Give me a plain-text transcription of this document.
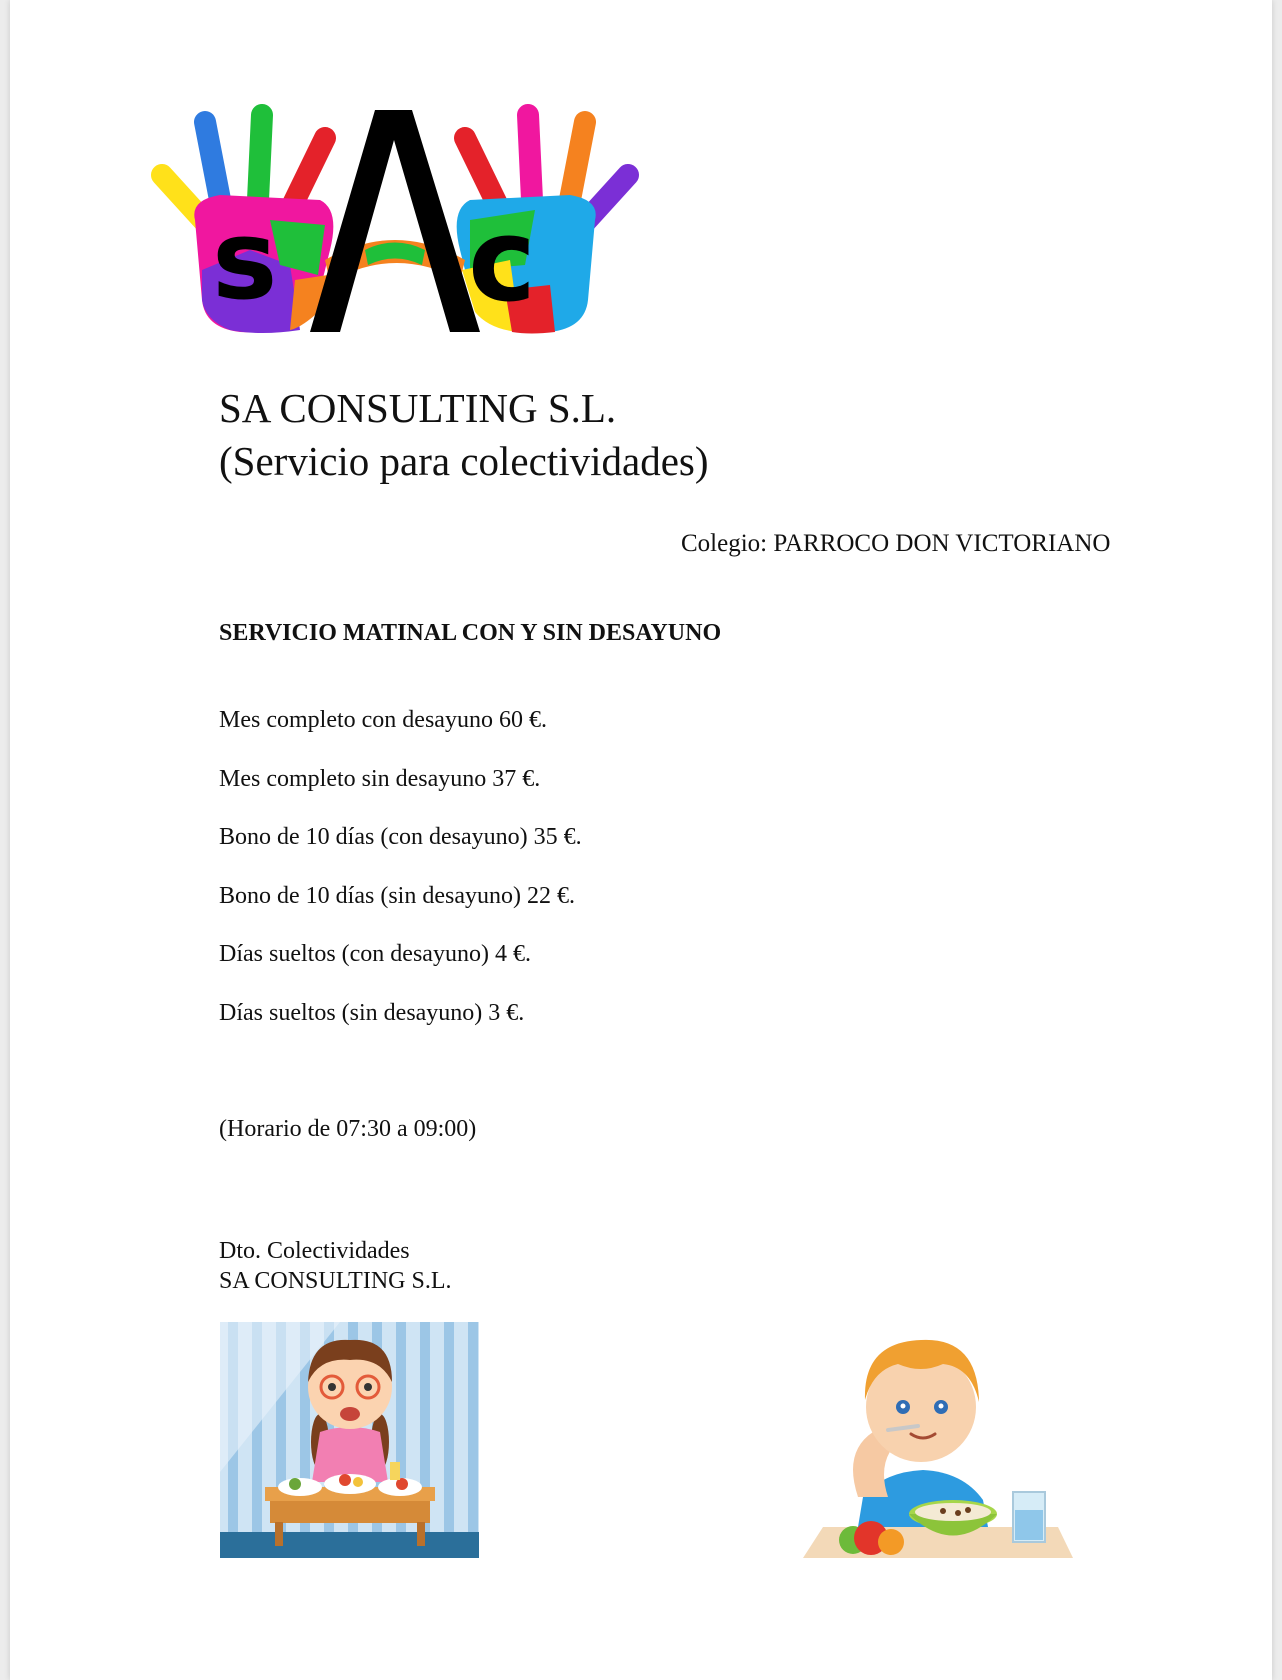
s c
SA CONSULTING S.L.
(Servicio para colectividades)
Colegio: PARROCO DON VICTORIANO
SERVICIO MATINAL CON Y SIN DESAYUNO
Mes completo con desayuno 60 €.
Mes completo sin desayuno 37 €.
Bono de 10 días (con desayuno) 35 €.
Bono de 10 días (sin desayuno) 22 €.
Días sueltos (con desayuno) 4 €.
Días sueltos (sin desayuno) 3 €.
(Horario de 07:30 a 09:00)
Dto. Colectividades
SA CONSULTING S.L.
